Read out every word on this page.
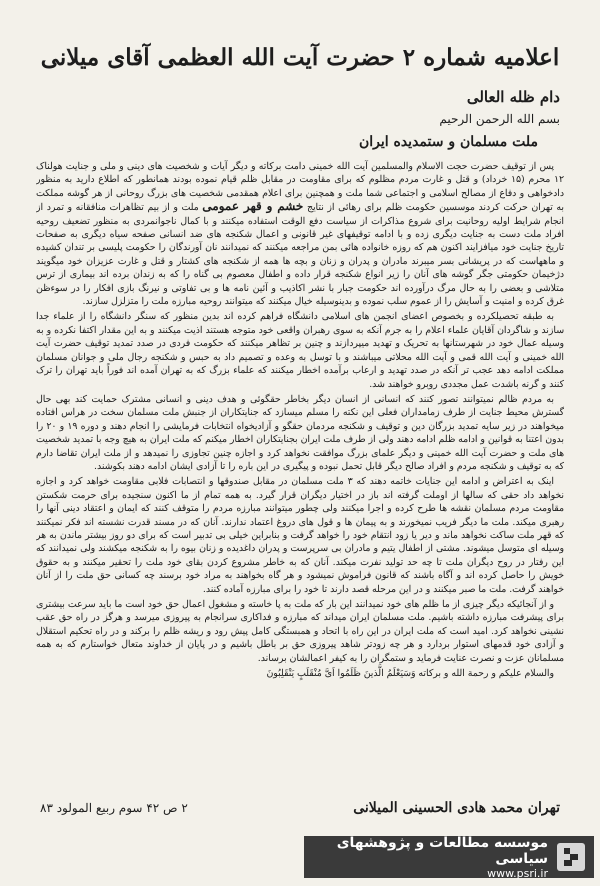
اعلامیه شماره ۲ حضرت آیت الله العظمی آقای میلانی
دام ظله العالی
بسم الله الرحمن الرحیم
ملت مسلمان و ستمدیده ایران

پس از توقیف حضرت حجت الاسلام والمسلمین آیت الله خمینی دامت برکاته و دیگر آیات و شخصیت های دینی و ملی و جنایت هولناک ۱۲ محرم (۱۵ خرداد) و قتل و غارت مردم مظلوم که برای مقاومت در مقابل ظلم قیام نموده بودند همانطور که اطلاع دارید به منظور دادخواهی و دفاع از مصالح اسلامی و اجتماعی شما ملت و همچنین برای اعلام همقدمی شخصیت های بزرگ روحانی از هر گوشه مملکت به تهران حرکت کردند موسسین حکومت ظلم برای رهائی از نتایج خشم و قهر عمومی ملت و از بیم تظاهرات منافقانه و تمرد از انجام شرایط اولیه روحانیت برای شروع مذاکرات از سیاست دفع الوقت استفاده میکنند و با کمال ناجوانمردی به منظور تضعیف روحیه افراد ملت دست به جنایت دیگری زده و با ادامه توقیفهای غیر قانونی و اعمال شکنجه های ضد انسانی صفحه سیاه دیگری به صفحات تاریخ جنایت خود میافزایند اکنون هم که روزه خانواده هائی بمن مراجعه میکنند که نمیدانند نان آورندگان را حکومت پلیسی بر تندان کشیده و ماههاست که در پریشانی بسر میبرند مادران و پدران و زنان و بچه ها همه از شکنجه های کشتار و قتل و غارت عزیزان خود میگویند دژخیمان حکومتی جگر گوشه های آنان را زیر انواع شکنجه قرار داده و اطفال معصوم بی گناه را که به زندان برده اند بیماری از ترس متلاشی و بعضی را به حال مرگ درآورده اند حکومت جبار با نشر اکاذیب و آئین نامه ها و بی تفاوتی و نیرنگ بازی افکار را در سوءظن غرق کرده و امنیت و آسایش را از عموم سلب نموده و بدینوسیله خیال میکنند که میتوانند روحیه مبارزه ملت را متزلزل سازند.

به طبقه تحصیلکرده و بخصوص اعضای انجمن های اسلامی دانشگاه فراهم کرده اند بدین منظور که سنگر دانشگاه را از علماء جدا سازند و شاگردان آقایان علماء اعلام را به جرم آنکه به سوی رهبران واقعی خود متوجه هستند اذیت میکنند و به این مقدار اکتفا نکرده و به وسیله عمال خود در شهرستانها به تحریک و تهدید میپردازند و چنین بر تظاهر میکنند که حکومت فردی در صدد تمدید توقیف حضرت آیت الله خمینی و آیت الله قمی و آیت الله محلاتی میباشند و با توسل به وعده و تصمیم داد به حبس و شکنجه رجال ملی و جوانان مسلمان مملکت ادامه دهد عجب تر آنکه در صدد تهدید و ارعاب برآمده اخطار میکنند که علماء بزرگ که به تهران آمده اند فوراً باید تهران را ترک کنند و گرنه باشدت عمل مجددی روبرو خواهند شد.

به مردم ظالم نمیتوانند تصور کنند که انسانی از انسان دیگر بخاطر حقگوئی و هدف دینی و انسانی مشترک حمایت کند بهی حال گسترش محیط جنایت از طرف زمامداران فعلی این نکته را مسلم میسازد که جنایتکاران از جنبش ملت مسلمان سخت در هراس افتاده میخواهند در زیر سایه تمدید بزرگان دین و توقیف و شکنجه مردمان حقگو و آزادیخواه انتخابات فرمایشی را انجام دهند و دوره ۱۹ و ۲۰ را بدون اعتنا به قوانین و ادامه ظلم ادامه دهند ولی از طرف ملت ایران بجنایتکاران اخطار میکنم که ملت ایران به هیچ وجه با تمدید شخصیت های ملت و حضرت آیت الله خمینی و دیگر علمای بزرگ موافقت نخواهد کرد و اجازه چنین تجاوزی را نمیدهد و از ملت ایران تقاضا دارم که به توقیف و شکنجه مردم و افراد صالح دیگر قابل تحمل نبوده و پیگیری در این باره را تا آزادی ایشان ادامه دهند بکوشند.

اینک به اعتراض و ادامه این جنایات خاتمه دهند که ۳ ملت مسلمان در مقابل صندوقها و انتصابات فلابی مقاومت خواهد کرد و اجازه نخواهد داد حقی که سالها از اوملت گرفته اند باز در اختیار دیگران قرار گیرد. به همه تمام از ما اکنون سنجیده برای حرمت شکستن مقاومت مردم مسلمان نقشه ها طرح کرده و اجرا میکنند ولی چطور میتوانند مبارزه مردم را متوقف کنند که ایمان و اعتقاد دینی آنها را رهبری میکند. ملت ما دیگر فریب نمیخورند و به پیمان ها و قول های دروغ اعتماد ندارند. آنان که در مسند قدرت نشسته اند فکر نمیکنند که قهر ملت ساکت نخواهد ماند و دیر یا زود انتقام خود را خواهد گرفت و بنابراین خیلی بی تدبیر است که برای دو روز بیشتر ماندن به هر وسیله ای متوسل میشوند. مشتی از اطفال یتیم و مادران بی سرپرست و پدران داغدیده و زنان بیوه را به شکنجه میکشند ولی نمیدانند که این رفتار در روح دیگران ملت تا چه حد تولید نفرت میکند. آنان که به خاطر مشروع کردن بقای خود ملت را تحقیر میکنند و به حقوق خویش را حاصل کرده اند و آگاه باشند که قانون فراموش نمیشود و هر گاه بخواهند به مراد خود برسند چه کسانی حق ملت را از آنان خواهند گرفت. ملت ما صبر میکنند و در این مرحله قصد دارند تا خود را برای مبارزه آماده کنند.

و از آنجائیکه دیگر چیزی از ما ظلم های خود نمیدانند این بار که ملت به پا خاسته و مشغول اعمال حق خود است ما باید سرعت بیشتری برای پیشرفت مبارزه داشته باشیم. ملت مسلمان ایران میداند که مبارزه و فداکاری سرانجام به پیروزی میرسد و هرگز در راه حق عقب نشینی نخواهد کرد. امید است که ملت ایران در این راه با اتحاد و همبستگی کامل پیش رود و ریشه ظلم را برکند و در راه تحکیم استقلال و آزادی خود قدمهای استوار بردارد و هر چه زودتر شاهد پیروزی حق بر باطل باشیم و در پایان از خداوند متعال خواستارم که به همه مسلمانان عزت و نصرت عنایت فرماید و ستمگران را به کیفر اعمالشان برساند.

والسلام علیکم و رحمة الله و برکاته وَسَیَعْلَمُ الَّذینَ ظَلَمُوا اَیَّ مُنْقَلَبٍ یَنْقَلِبُونَ

تهران محمد هادی الحسینی المیلانی
۲ ص ۴۲ سوم ربیع المولود ۸۳
موسسه مطالعات و پژوهشهای سیاسی
www.psri.ir
